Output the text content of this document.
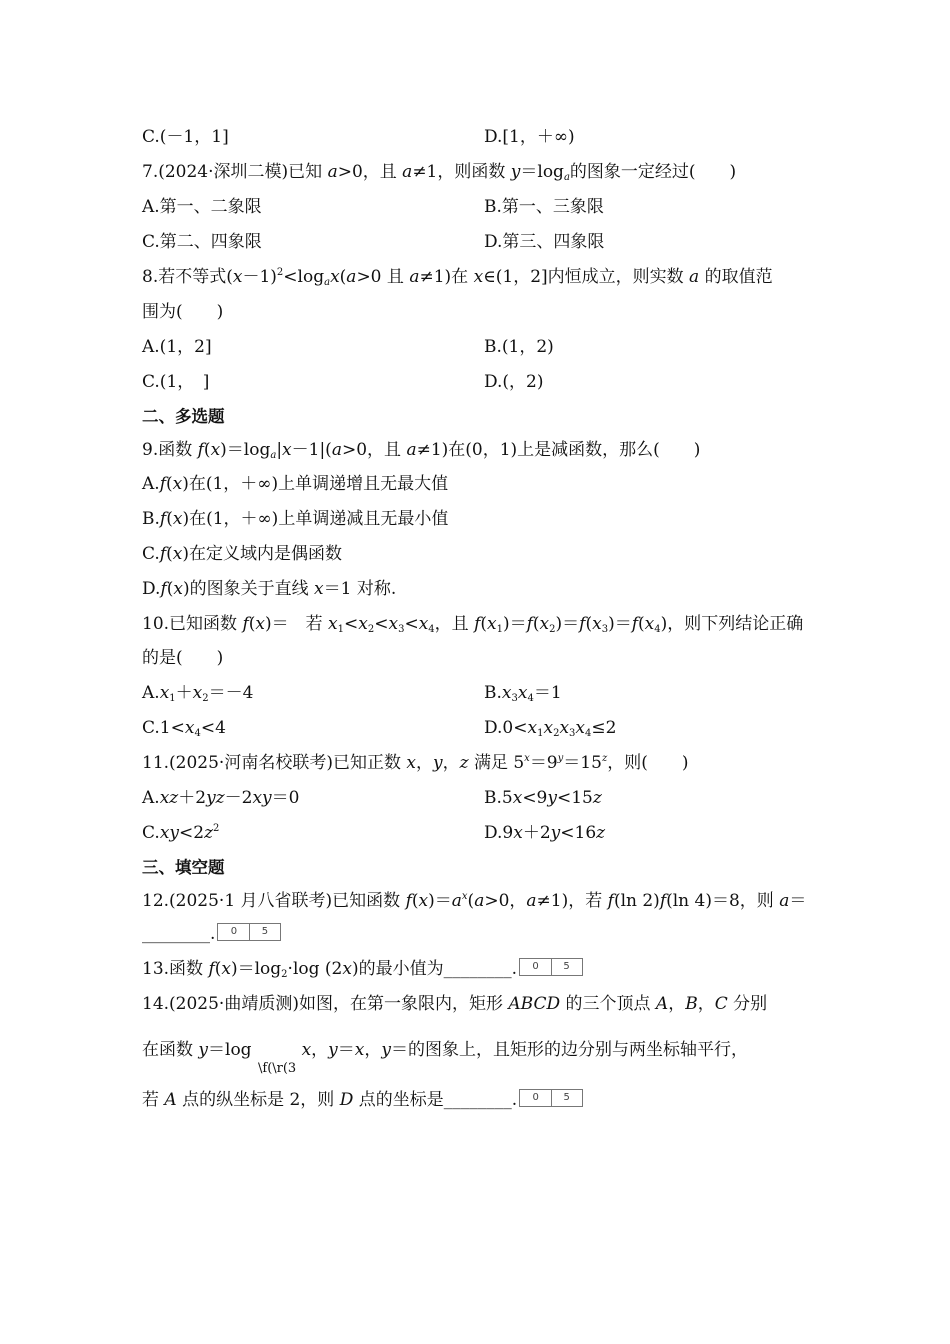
C.(－1，1]	D.[1，＋∞)
7.(2024·深圳二模)已知 a>0，且 a≠1，则函数 $y=\log_a$的图象一定经过(　　)
A.第一、二象限	B.第一、三象限
C.第二、四象限	D.第三、四象限
8.若不等式$(x-1)^2<\log_ax(a>0$ 且 a≠1)在 x∈(1，2]内恒成立，则实数 a 的取值范
围为(　　)
A.(1，2]	B.(1，2)
C.(1，　]	D.(，2)
二、多选题
9.函数 $f(x)=\log_a|x-1|(a>0$，且 a≠1)在(0，1)上是减函数，那么(　　)
A.f(x)在(1，＋∞)上单调递增且无最大值
B.f(x)在(1，＋∞)上单调递减且无最小值
C.f(x)在定义域内是偶函数
D.f(x)的图象关于直线 x＝1 对称.
10.已知函数 f(x)＝　若 $x_1<x_2<x_3<x_4$，且 $f(x_1)=f(x_2)=f(x_3)=f(x_4)$，则下列结论正确
的是(　　)
$A.x_1+x_2=-4$	$B.x_3x_4=1$
$C.1<x_4<4$	$D.0<x_1x_2x_3x_4\le 2$
11.(2025·河南名校联考)已知正数 x，y，z 满足 $5^x=9^y=15^z$，则(　　)
A.xz＋2yz－2xy＝0	B.5x<9y<15z
$C.xy<2z^2$	D.9x＋2y<16z
三、填空题
12.(2025·1 月八省联考)已知函数 $f(x)=a^x(a>0$，a≠1)，若 f(ln 2)f(ln 4)＝8，则 a＝
________.	0	5
13.函数 $f(x)=\log_2\cdot\log$ (2x)的最小值为________.	0	5
14.(2025·曲靖质测)如图，在第一象限内，矩形 ABCD 的三个顶点 A，B，C 分别
在函数 y＝log	x，y＝x，y＝的图象上，且矩形的边分别与两坐标轴平行，
\f(\r(3
若 A 点的纵坐标是 2，则 D 点的坐标是________.	0	5
